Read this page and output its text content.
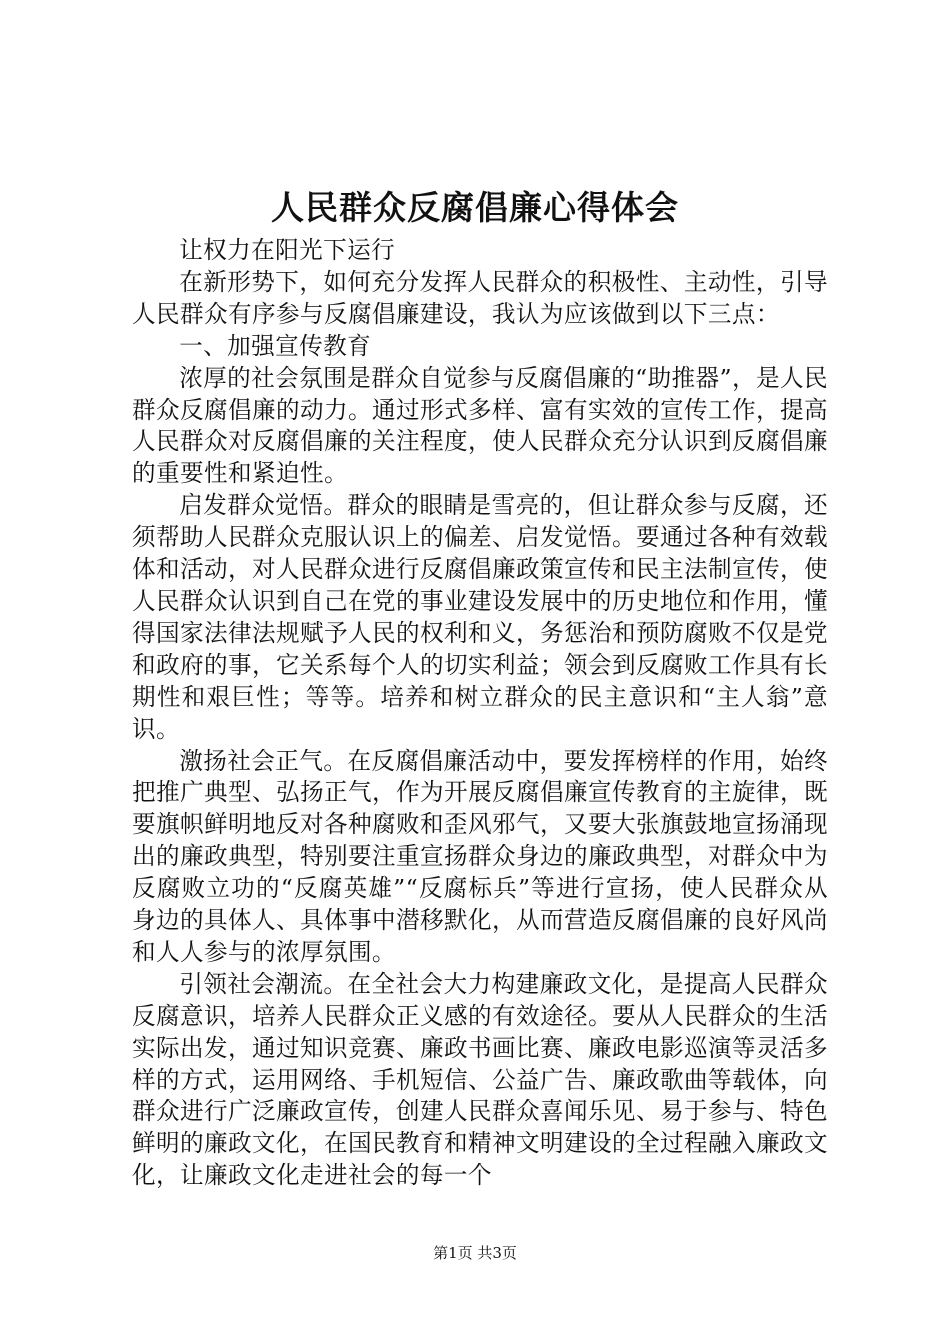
人民群众反腐倡廉心得体会

让权力在阳光下运行

在新形势下，如何充分发挥人民群众的积极性、主动性，引导人民群众有序参与反腐倡廉建设，我认为应该做到以下三点：

一、加强宣传教育

浓厚的社会氛围是群众自觉参与反腐倡廉的“助推器”，是人民群众反腐倡廉的动力。通过形式多样、富有实效的宣传工作，提高人民群众对反腐倡廉的关注程度，使人民群众充分认识到反腐倡廉的重要性和紧迫性。

启发群众觉悟。群众的眼睛是雪亮的，但让群众参与反腐，还须帮助人民群众克服认识上的偏差、启发觉悟。要通过各种有效载体和活动，对人民群众进行反腐倡廉政策宣传和民主法制宣传，使人民群众认识到自己在党的事业建设发展中的历史地位和作用，懂得国家法律法规赋予人民的权利和义，务惩治和预防腐败不仅是党和政府的事，它关系每个人的切实利益；领会到反腐败工作具有长期性和艰巨性；等等。培养和树立群众的民主意识和“主人翁”意识。

激扬社会正气。在反腐倡廉活动中，要发挥榜样的作用，始终把推广典型、弘扬正气，作为开展反腐倡廉宣传教育的主旋律，既要旗帜鲜明地反对各种腐败和歪风邪气，又要大张旗鼓地宣扬涌现出的廉政典型，特别要注重宣扬群众身边的廉政典型，对群众中为反腐败立功的“反腐英雄”“反腐标兵”等进行宣扬，使人民群众从身边的具体人、具体事中潜移默化，从而营造反腐倡廉的良好风尚和人人参与的浓厚氛围。

引领社会潮流。在全社会大力构建廉政文化，是提高人民群众反腐意识，培养人民群众正义感的有效途径。要从人民群众的生活实际出发，通过知识竞赛、廉政书画比赛、廉政电影巡演等灵活多样的方式，运用网络、手机短信、公益广告、廉政歌曲等载体，向群众进行广泛廉政宣传，创建人民群众喜闻乐见、易于参与、特色鲜明的廉政文化，在国民教育和精神文明建设的全过程融入廉政文化，让廉政文化走进社会的每一个

第1页 共3页
